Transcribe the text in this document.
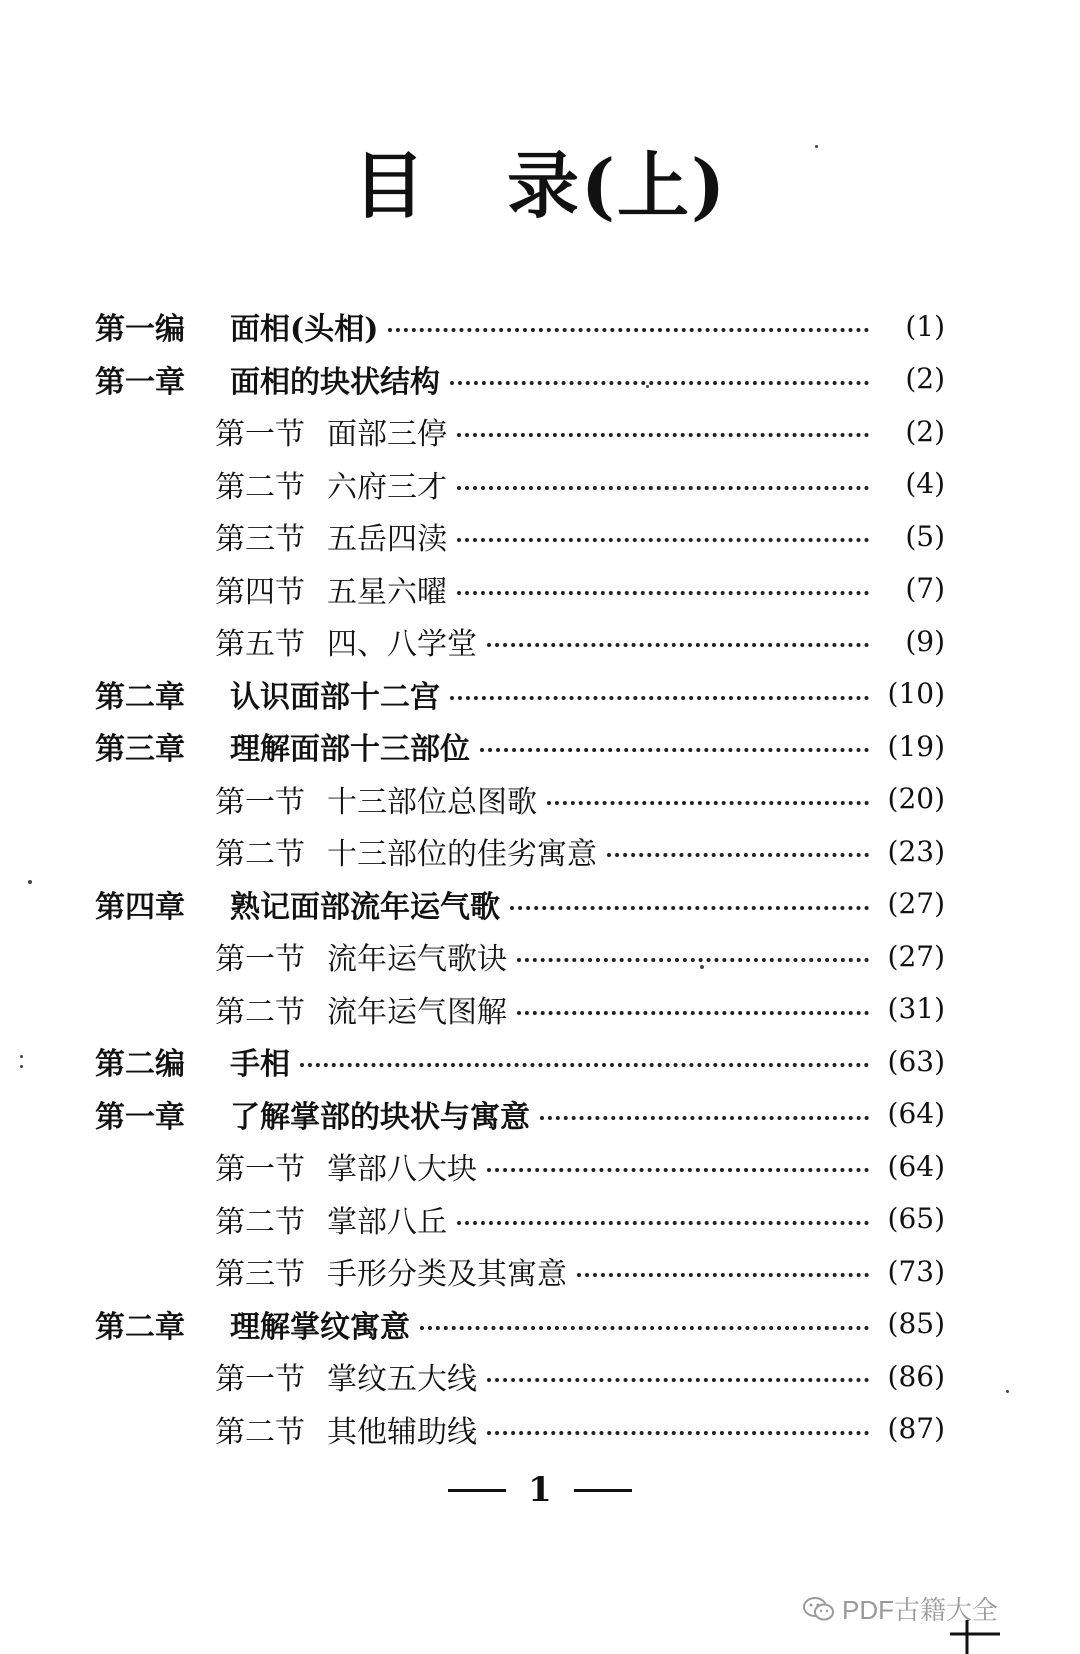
目 录(上)
第一编 面相(头相)	(1)
第一章 面相的块状结构	(2)
第一节 面部三停	(2)
第二节 六府三才	(4)
第三节 五岳四渎	(5)
第四节 五星六曜	(7)
第五节 四、八学堂	(9)
第二章 认识面部十二宫	(10)
第三章 理解面部十三部位	(19)
第一节 十三部位总图歌	(20)
第二节 十三部位的佳劣寓意	(23)
第四章 熟记面部流年运气歌	(27)
第一节 流年运气歌诀	(27)
第二节 流年运气图解	(31)
第二编 手相	(63)
第一章 了解掌部的块状与寓意	(64)
第一节 掌部八大块	(64)
第二节 掌部八丘	(65)
第三节 手形分类及其寓意	(73)
第二章 理解掌纹寓意	(85)
第一节 掌纹五大线	(86)
第二节 其他辅助线	(87)
1
PDF古籍大全
